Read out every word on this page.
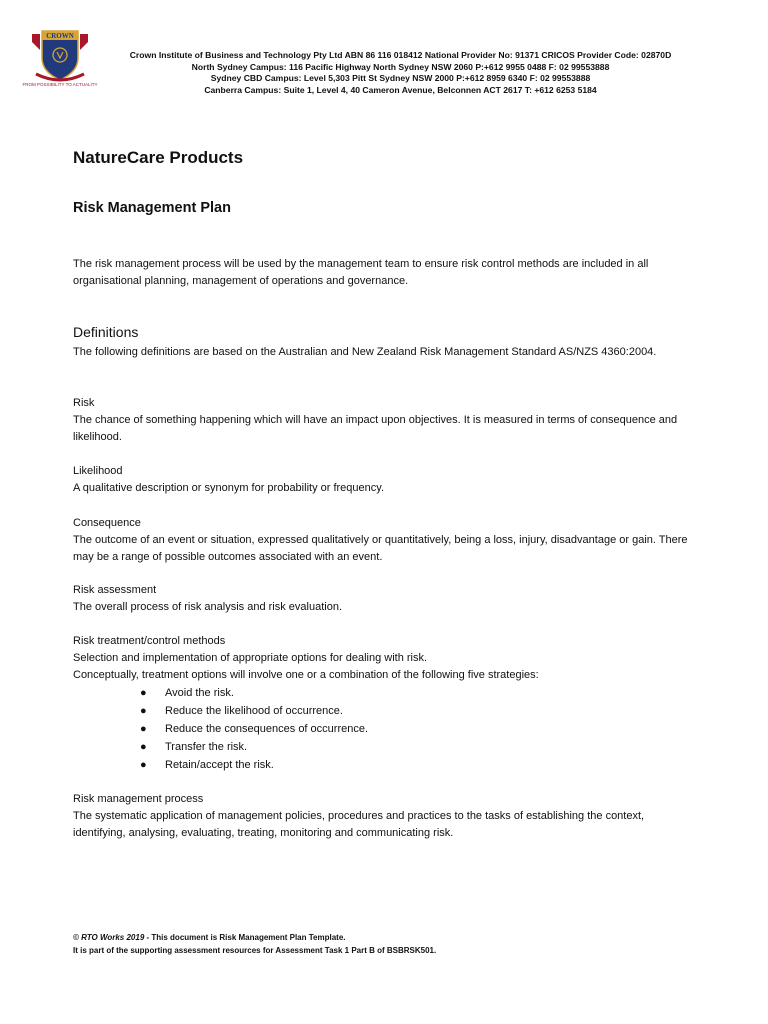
CROWN
FROM POSSIBILITY TO ACTUALITY
Crown Institute of Business and Technology Pty Ltd ABN 86 116 018412 National Provider No: 91371 CRICOS Provider Code: 02870D
North Sydney Campus: 116 Pacific Highway North Sydney NSW 2060 P:+612 9955 0488 F: 02 99553888
Sydney CBD Campus: Level 5,303 Pitt St Sydney NSW 2000 P:+612 8959 6340 F: 02 99553888
Canberra Campus: Suite 1, Level 4, 40 Cameron Avenue, Belconnen ACT 2617 T: +612 6253 5184
NatureCare Products
Risk Management Plan

The risk management process will be used by the management team to ensure risk control methods are included in all organisational planning, management of operations and governance.

Definitions

The following definitions are based on the Australian and New Zealand Risk Management Standard AS/NZS 4360:2004.

Risk
The chance of something happening which will have an impact upon objectives. It is measured in terms of consequence and likelihood.
Likelihood
A qualitative description or synonym for probability or frequency.
Consequence
The outcome of an event or situation, expressed qualitatively or quantitatively, being a loss, injury, disadvantage or gain. There may be a range of possible outcomes associated with an event.
Risk assessment
The overall process of risk analysis and risk evaluation.
Risk treatment/control methods
Selection and implementation of appropriate options for dealing with risk.
Conceptually, treatment options will involve one or a combination of the following five strategies:
●	Avoid the risk.
●	Reduce the likelihood of occurrence.
●	Reduce the consequences of occurrence.
●	Transfer the risk.
●	Retain/accept the risk.
Risk management process
The systematic application of management policies, procedures and practices to the tasks of establishing the context, identifying, analysing, evaluating, treating, monitoring and communicating risk.
© RTO Works 2019 - This document is Risk Management Plan Template.
It is part of the supporting assessment resources for Assessment Task 1 Part B of BSBRSK501.
